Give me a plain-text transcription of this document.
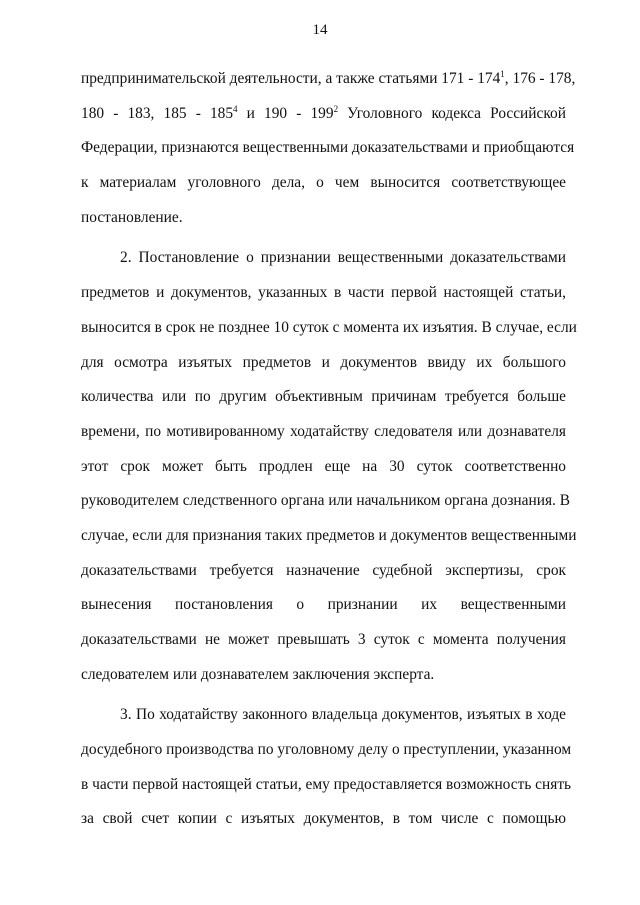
14
предпринимательской деятельности, а также статьями $171 - 174^1$, 176 - 178,
180 - 183, $185 - 185^4$ и $190 - 199^2$ Уголовного кодекса Российской
Федерации, признаются вещественными доказательствами и приобщаются
к материалам уголовного дела, о чем выносится соответствующее
постановление.
2. Постановление о признании вещественными доказательствами
предметов и документов, указанных в части первой настоящей статьи,
выносится в срок не позднее 10 суток с момента их изъятия. В случае, если
для осмотра изъятых предметов и документов ввиду их большого
количества или по другим объективным причинам требуется больше
времени, по мотивированному ходатайству следователя или дознавателя
этот срок может быть продлен еще на 30 суток соответственно
руководителем следственного органа или начальником органа дознания. В
случае, если для признания таких предметов и документов вещественными
доказательствами требуется назначение судебной экспертизы, срок
вынесения постановления о признании их вещественными
доказательствами не может превышать 3 суток с момента получения
следователем или дознавателем заключения эксперта.
3. По ходатайству законного владельца документов, изъятых в ходе
досудебного производства по уголовному делу о преступлении, указанном
в части первой настоящей статьи, ему предоставляется возможность снять
за свой счет копии с изъятых документов, в том числе с помощью
